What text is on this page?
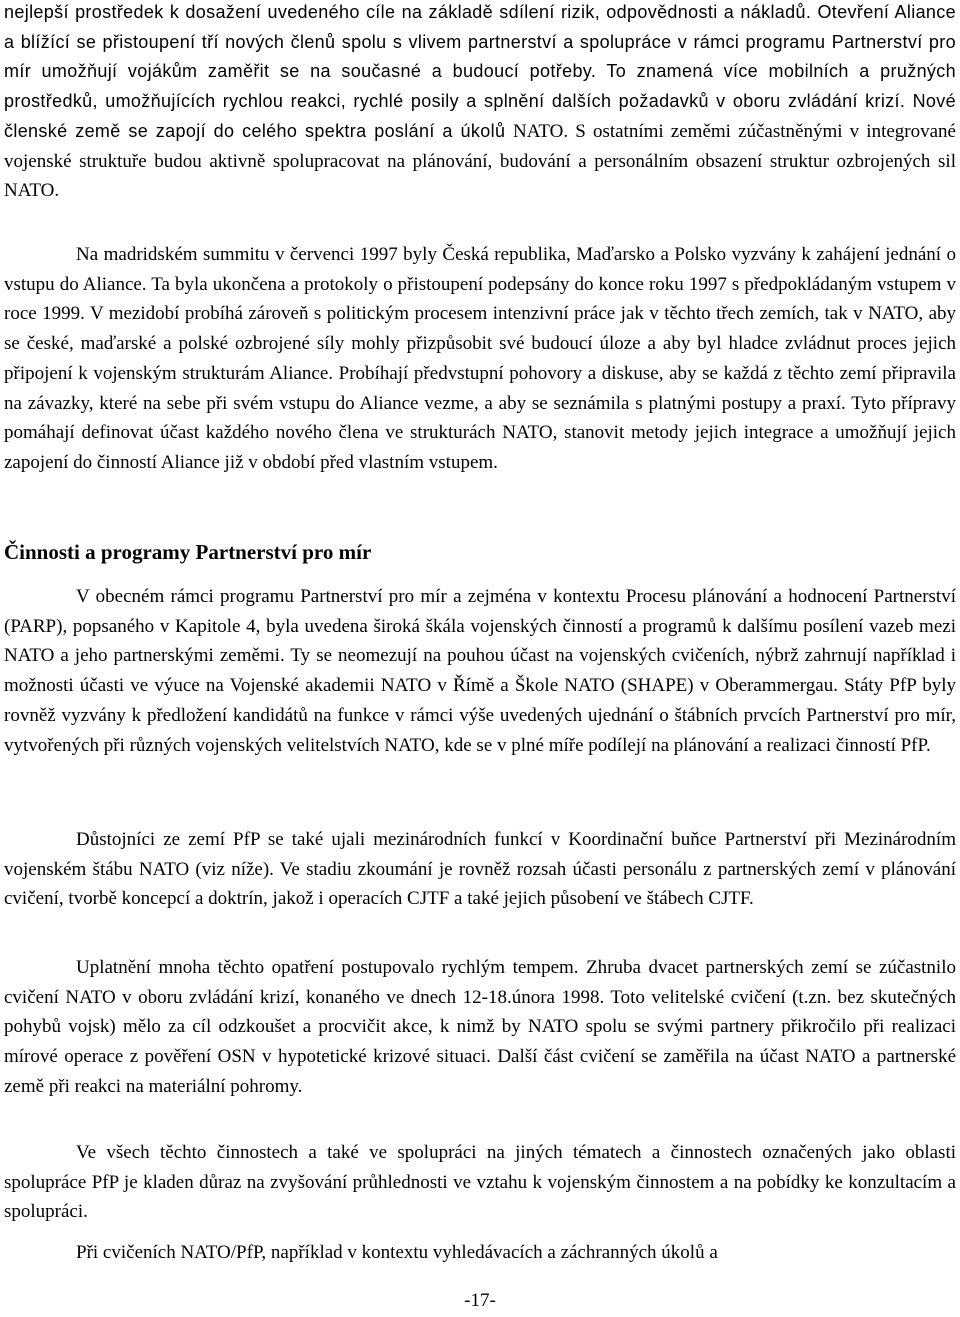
nejlepší prostředek k dosažení uvedeného cíle na základě sdílení rizik, odpovědnosti a nákladů. Otevření Aliance a blížící se přistoupení tří nových členů spolu s vlivem partnerství a spolupráce v rámci programu Partnerství pro mír umožňují vojákům zaměřit se na současné a budoucí potřeby. To znamená více mobilních a pružných prostředků, umožňujících rychlou reakci, rychlé posily a splnění dalších požadavků v oboru zvládání krizí. Nové členské země se zapojí do celého spektra poslání a úkolů NATO. S ostatními zeměmi zúčastněnými v integrované vojenské struktuře budou aktivně spolupracovat na plánování, budování a personálním obsazení struktur ozbrojených sil NATO.

Na madridském summitu v červenci 1997 byly Česká republika, Maďarsko a Polsko vyzvány k zahájení jednání o vstupu do Aliance. Ta byla ukončena a protokoly o přistoupení podepsány do konce roku 1997 s předpokládaným vstupem v roce 1999. V mezidobí probíhá zároveň s politickým procesem intenzivní práce jak v těchto třech zemích, tak v NATO, aby se české, maďarské a polské ozbrojené síly mohly přizpůsobit své budoucí úloze a aby byl hladce zvládnut proces jejich připojení k vojenským strukturám Aliance. Probíhají předvstupní pohovory a diskuse, aby se každá z těchto zemí připravila na závazky, které na sebe při svém vstupu do Aliance vezme, a aby se seznámila s platnými postupy a praxí. Tyto přípravy pomáhají definovat účast každého nového člena ve strukturách NATO, stanovit metody jejich integrace a umožňují jejich zapojení do činností Aliance již v období před vlastním vstupem.

Činnosti a programy Partnerství pro mír

V obecném rámci programu Partnerství pro mír a zejména v kontextu Procesu plánování a hodnocení Partnerství (PARP), popsaného v Kapitole 4, byla uvedena široká škála vojenských činností a programů k dalšímu posílení vazeb mezi NATO a jeho partnerskými zeměmi. Ty se neomezují na pouhou účast na vojenských cvičeních, nýbrž zahrnují například i možnosti účasti ve výuce na Vojenské akademii NATO v Římě a Škole NATO (SHAPE) v Oberammergau. Státy PfP byly rovněž vyzvány k předložení kandidátů na funkce v rámci výše uvedených ujednání o štábních prvcích Partnerství pro mír, vytvořených při různých vojenských velitelstvích NATO, kde se v plné míře podílejí na plánování a realizaci činností PfP.

Důstojníci ze zemí PfP se také ujali mezinárodních funkcí v Koordinační buňce Partnerství při Mezinárodním vojenském štábu NATO (viz níže). Ve stadiu zkoumání je rovněž rozsah účasti personálu z partnerských zemí v plánování cvičení, tvorbě koncepcí a doktrín, jakož i operacích CJTF a také jejich působení ve štábech CJTF.

Uplatnění mnoha těchto opatření postupovalo rychlým tempem. Zhruba dvacet partnerských zemí se zúčastnilo cvičení NATO v oboru zvládání krizí, konaného ve dnech 12-18.února 1998. Toto velitelské cvičení (t.zn. bez skutečných pohybů vojsk) mělo za cíl odzkoušet a procvičit akce, k nimž by NATO spolu se svými partnery přikročilo při realizaci mírové operace z pověření OSN v hypotetické krizové situaci. Další část cvičení se zaměřila na účast NATO a partnerské země při reakci na materiální pohromy.

Ve všech těchto činnostech a také ve spolupráci na jiných tématech a činnostech označených jako oblasti spolupráce PfP je kladen důraz na zvyšování průhlednosti ve vztahu k vojenským činnostem a na pobídky ke konzultacím a spolupráci.

Při cvičeních NATO/PfP, například v kontextu vyhledávacích a záchranných úkolů a

-17-
